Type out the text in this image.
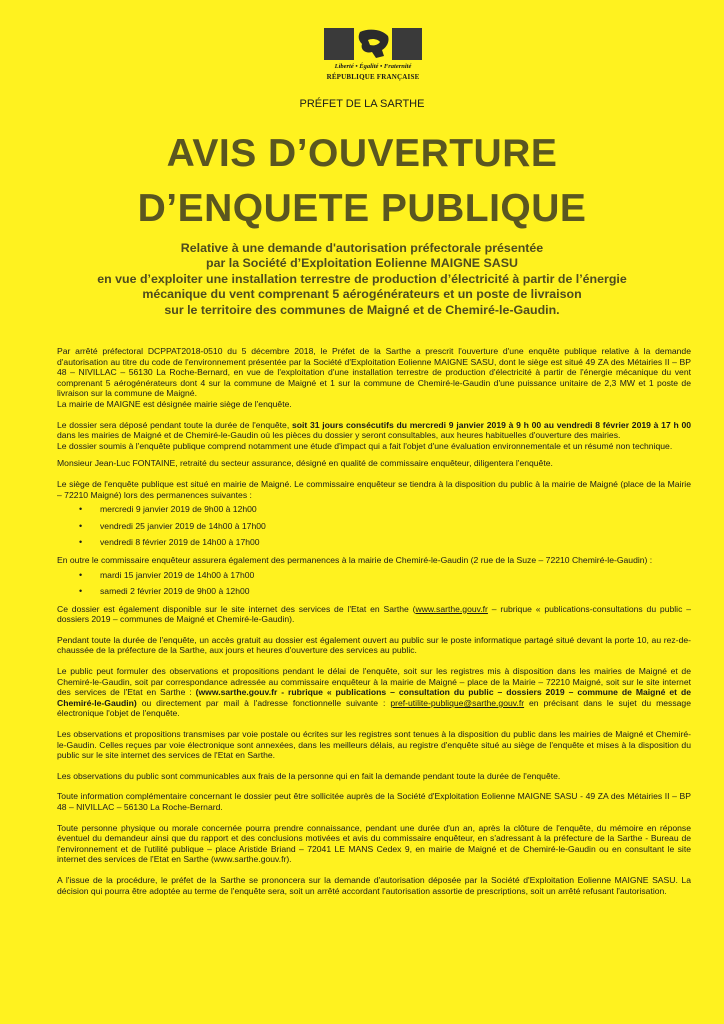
Liberté • Égalité • Fraternité
RÉPUBLIQUE FRANÇAISE
PRÉFET DE LA SARTHE
AVIS D’OUVERTURE
D’ENQUETE PUBLIQUE
Relative à une demande d'autorisation préfectorale présentée
par la Société d’Exploitation Eolienne MAIGNE SASU
en vue d’exploiter une installation terrestre de production d’électricité à partir de l’énergie
mécanique du vent comprenant 5 aérogénérateurs et un poste de livraison
sur le territoire des communes de Maigné et de Chemiré-le-Gaudin.

Par arrêté préfectoral DCPPAT2018-0510 du 5 décembre 2018, le Préfet de la Sarthe a prescrit l'ouverture d'une enquête publique relative à la demande d'autorisation au titre du code de l'environnement présentée par la Société d'Exploitation Eolienne MAIGNE SASU, dont le siège est situé 49 ZA des Métairies II – BP 48 – NIVILLAC – 56130 La Roche-Bernard, en vue de l'exploitation d'une installation terrestre de production d'électricité à partir de l'énergie mécanique du vent comprenant 5 aérogénérateurs dont 4 sur la commune de Maigné et 1 sur la commune de Chemiré-le-Gaudin d'une puissance unitaire de 2,3 MW et 1 poste de livraison sur la commune de Maigné.

La mairie de MAIGNE est désignée mairie siège de l'enquête.

Le dossier sera déposé pendant toute la durée de l'enquête, soit 31 jours consécutifs du mercredi 9 janvier 2019 à 9 h 00 au vendredi 8 février 2019 à 17 h 00 dans les mairies de Maigné et de Chemiré-le-Gaudin où les pièces du dossier y seront consultables, aux heures habituelles d'ouverture des mairies.

Le dossier soumis à l'enquête publique comprend notamment une étude d'impact qui a fait l'objet d'une évaluation environnementale et un résumé non technique.

Monsieur Jean-Luc FONTAINE, retraité du secteur assurance, désigné en qualité de commissaire enquêteur, diligentera l'enquête.

Le siège de l'enquête publique est situé en mairie de Maigné. Le commissaire enquêteur se tiendra à la disposition du public à la mairie de Maigné (place de la Mairie – 72210 Maigné) lors des permanences suivantes :

• mercredi 9 janvier 2019 de 9h00 à 12h00

• vendredi 25 janvier 2019 de 14h00 à 17h00

• vendredi 8 février 2019 de 14h00 à 17h00

En outre le commissaire enquêteur assurera également des permanences à la mairie de Chemiré-le-Gaudin (2 rue de la Suze – 72210 Chemiré-le-Gaudin) :

• mardi 15 janvier 2019 de 14h00 à 17h00

• samedi 2 février 2019 de 9h00 à 12h00

Ce dossier est également disponible sur le site internet des services de l'Etat en Sarthe (www.sarthe.gouv.fr – rubrique « publications-consultations du public – dossiers 2019 – communes de Maigné et Chemiré-le-Gaudin).

Pendant toute la durée de l'enquête, un accès gratuit au dossier est également ouvert au public sur le poste informatique partagé situé devant la porte 10, au rez-de-chaussée de la préfecture de la Sarthe, aux jours et heures d'ouverture des services au public.

Le public peut formuler des observations et propositions pendant le délai de l'enquête, soit sur les registres mis à disposition dans les mairies de Maigné et de Chemiré-le-Gaudin, soit par correspondance adressée au commissaire enquêteur à la mairie de Maigné – place de la Mairie – 72210 Maigné, soit sur le site internet des services de l'Etat en Sarthe : (www.sarthe.gouv.fr - rubrique « publications – consultation du public – dossiers 2019 – commune de Maigné et de Chemiré-le-Gaudin) ou directement par mail à l'adresse fonctionnelle suivante : pref-utilite-publique@sarthe.gouv.fr en précisant dans le sujet du message électronique l'objet de l'enquête.

Les observations et propositions transmises par voie postale ou écrites sur les registres sont tenues à la disposition du public dans les mairies de Maigné et Chemiré-le-Gaudin. Celles reçues par voie électronique sont annexées, dans les meilleurs délais, au registre d'enquête situé au siège de l'enquête et mises à la disposition du public sur le site internet des services de l'Etat en Sarthe.

Les observations du public sont communicables aux frais de la personne qui en fait la demande pendant toute la durée de l'enquête.

Toute information complémentaire concernant le dossier peut être sollicitée auprès de la Société d'Exploitation Eolienne MAIGNE SASU - 49 ZA des Métairies II – BP 48 – NIVILLAC – 56130 La Roche-Bernard.

Toute personne physique ou morale concernée pourra prendre connaissance, pendant une durée d'un an, après la clôture de l'enquête, du mémoire en réponse éventuel du demandeur ainsi que du rapport et des conclusions motivées et avis du commissaire enquêteur, en s'adressant à la préfecture de la Sarthe - Bureau de l'environnement et de l'utilité publique – place Aristide Briand – 72041 LE MANS Cedex 9, en mairie de Maigné et de Chemiré-le-Gaudin ou en consultant le site internet des services de l'Etat en Sarthe (www.sarthe.gouv.fr).

A l'issue de la procédure, le préfet de la Sarthe se prononcera sur la demande d'autorisation déposée par la Société d'Exploitation Eolienne MAIGNE SASU. La décision qui pourra être adoptée au terme de l'enquête sera, soit un arrêté accordant l'autorisation assortie de prescriptions, soit un arrêté refusant l'autorisation.
